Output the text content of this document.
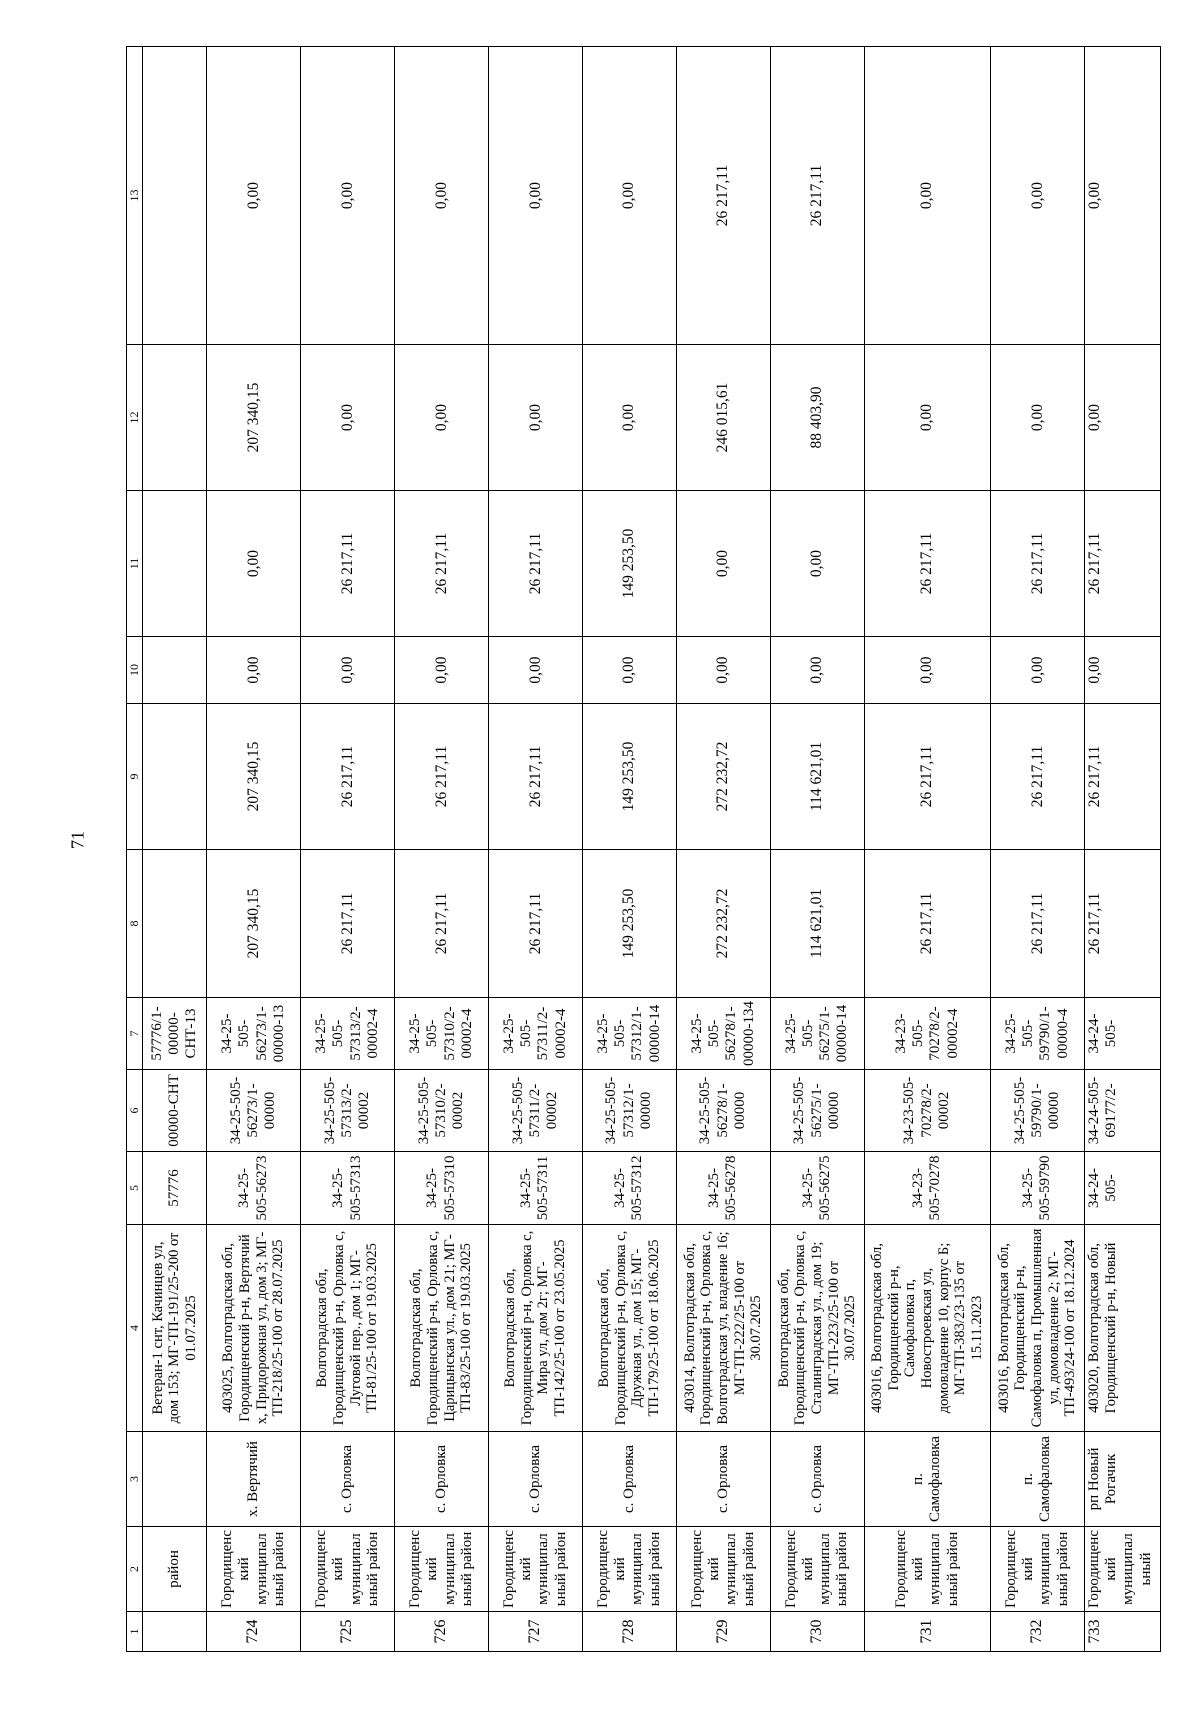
71
1	2	3	4	5	6	7	8	9	10	11	12	13
	район		Ветеран-1 снт, Качинцев ул, дом 153; МГ-ТП-191/25-200 от 01.07.2025	57776	00000-СНТ	57776/1-00000-СНТ-13						
724	Городищенский муниципальный район	х. Вертячий	403025, Волгоградская обл, Городищенский р-н, Вертячий х, Придорожная ул, дом 3; МГ-ТП-218/25-100 от 28.07.2025	34-25-505-56273	34-25-505-56273/1-00000	34-25-505-56273/1-00000-13	207 340,15	207 340,15	0,00	0,00	207 340,15	0,00
725	Городищенский муниципальный район	с. Орловка	Волгоградская обл, Городищенский р-н, Орловка с, Луговой пер., дом 1; МГ-ТП-81/25-100 от 19.03.2025	34-25-505-57313	34-25-505-57313/2-00002	34-25-505-57313/2-00002-4	26 217,11	26 217,11	0,00	26 217,11	0,00	0,00
726	Городищенский муниципальный район	с. Орловка	Волгоградская обл, Городищенский р-н, Орловка с, Царицынская ул., дом 21; МГ-ТП-83/25-100 от 19.03.2025	34-25-505-57310	34-25-505-57310/2-00002	34-25-505-57310/2-00002-4	26 217,11	26 217,11	0,00	26 217,11	0,00	0,00
727	Городищенский муниципальный район	с. Орловка	Волгоградская обл, Городищенский р-н, Орловка с, Мира ул, дом 2г; МГ-ТП-142/25-100 от 23.05.2025	34-25-505-57311	34-25-505-57311/2-00002	34-25-505-57311/2-00002-4	26 217,11	26 217,11	0,00	26 217,11	0,00	0,00
728	Городищенский муниципальный район	с. Орловка	Волгоградская обл, Городищенский р-н, Орловка с, Дружная ул., дом 15; МГ-ТП-179/25-100 от 18.06.2025	34-25-505-57312	34-25-505-57312/1-00000	34-25-505-57312/1-00000-14	149 253,50	149 253,50	0,00	149 253,50	0,00	0,00
729	Городищенский муниципальный район	с. Орловка	403014, Волгоградская обл, Городищенский р-н, Орловка с, Волгоградская ул, владение 16; МГ-ТП-222/25-100 от 30.07.2025	34-25-505-56278	34-25-505-56278/1-00000	34-25-505-56278/1-00000-134	272 232,72	272 232,72	0,00	0,00	246 015,61	26 217,11
730	Городищенский муниципальный район	с. Орловка	Волгоградская обл, Городищенский р-н, Орловка с, Сталинградская ул., дом 19; МГ-ТП-223/25-100 от 30.07.2025	34-25-505-56275	34-25-505-56275/1-00000	34-25-505-56275/1-00000-14	114 621,01	114 621,01	0,00	0,00	88 403,90	26 217,11
731	Городищенский муниципальный район	п. Самофаловка	403016, Волгоградская обл, Городищенский р-н, Самофаловка п, Новостроевская ул, домовладение 10, корпус Б; МГ-ТП-383/23-135 от 15.11.2023	34-23-505-70278	34-23-505-70278/2-00002	34-23-505-70278/2-00002-4	26 217,11	26 217,11	0,00	26 217,11	0,00	0,00
732	Городищенский муниципальный район	п. Самофаловка	403016, Волгоградская обл, Городищенский р-н, Самофаловка п, Промышленная ул, домовладение 2; МГ-ТП-493/24-100 от 18.12.2024	34-25-505-59790	34-25-505-59790/1-00000	34-25-505-59790/1-00000-4	26 217,11	26 217,11	0,00	26 217,11	0,00	0,00
733	Городищенский муниципальный	рп Новый Рогачик	403020, Волгоградская обл, Городищенский р-н, Новый	34-24-505-	34-24-505-69177/2-	34-24-505-	26 217,11	26 217,11	0,00	26 217,11	0,00	0,00
